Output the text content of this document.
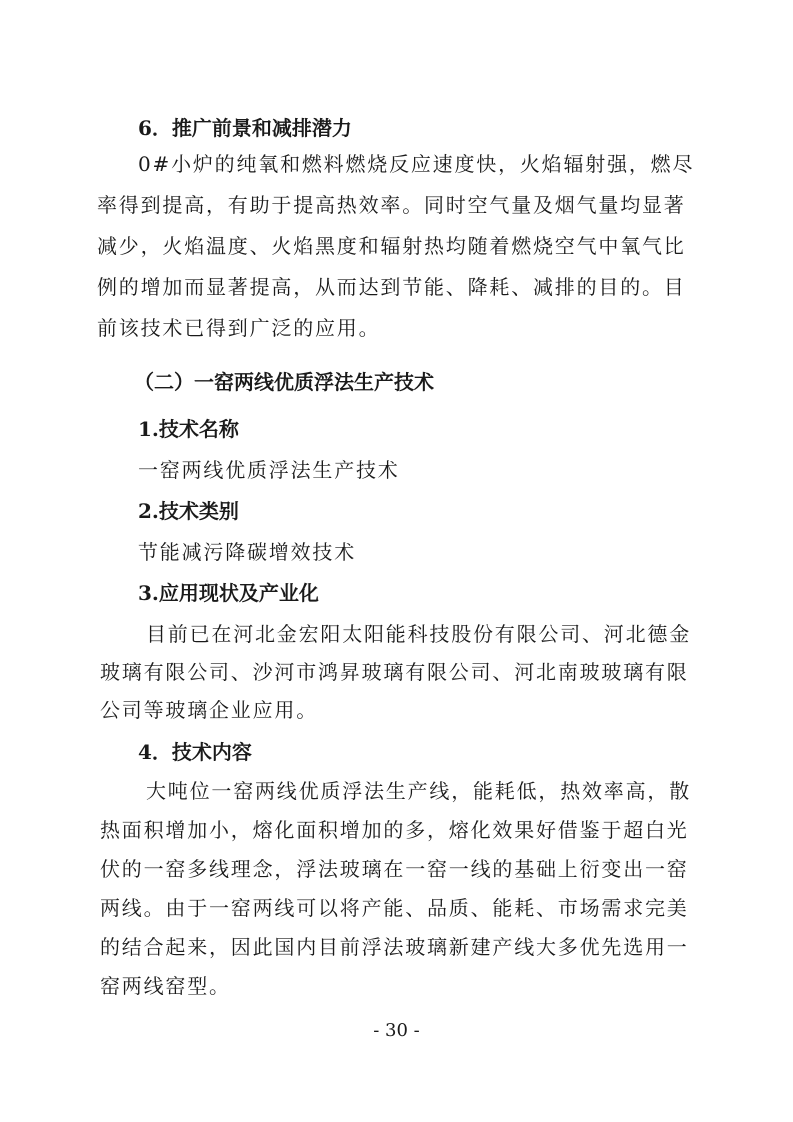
6．推广前景和减排潜力
0#小炉的纯氧和燃料燃烧反应速度快，火焰辐射强，燃尽
率得到提高，有助于提高热效率。同时空气量及烟气量均显著
减少，火焰温度、火焰黑度和辐射热均随着燃烧空气中氧气比
例的增加而显著提高，从而达到节能、降耗、减排的目的。目
前该技术已得到广泛的应用。
（二）一窑两线优质浮法生产技术
1.技术名称
一窑两线优质浮法生产技术
2.技术类别
节能减污降碳增效技术
3.应用现状及产业化
目前已在河北金宏阳太阳能科技股份有限公司、河北德金
玻璃有限公司、沙河市鸿昇玻璃有限公司、河北南玻玻璃有限
公司等玻璃企业应用。
4．技术内容
大吨位一窑两线优质浮法生产线，能耗低，热效率高，散
热面积增加小，熔化面积增加的多，熔化效果好借鉴于超白光
伏的一窑多线理念，浮法玻璃在一窑一线的基础上衍变出一窑
两线。由于一窑两线可以将产能、品质、能耗、市场需求完美
的结合起来，因此国内目前浮法玻璃新建产线大多优先选用一
窑两线窑型。
- 30 -
